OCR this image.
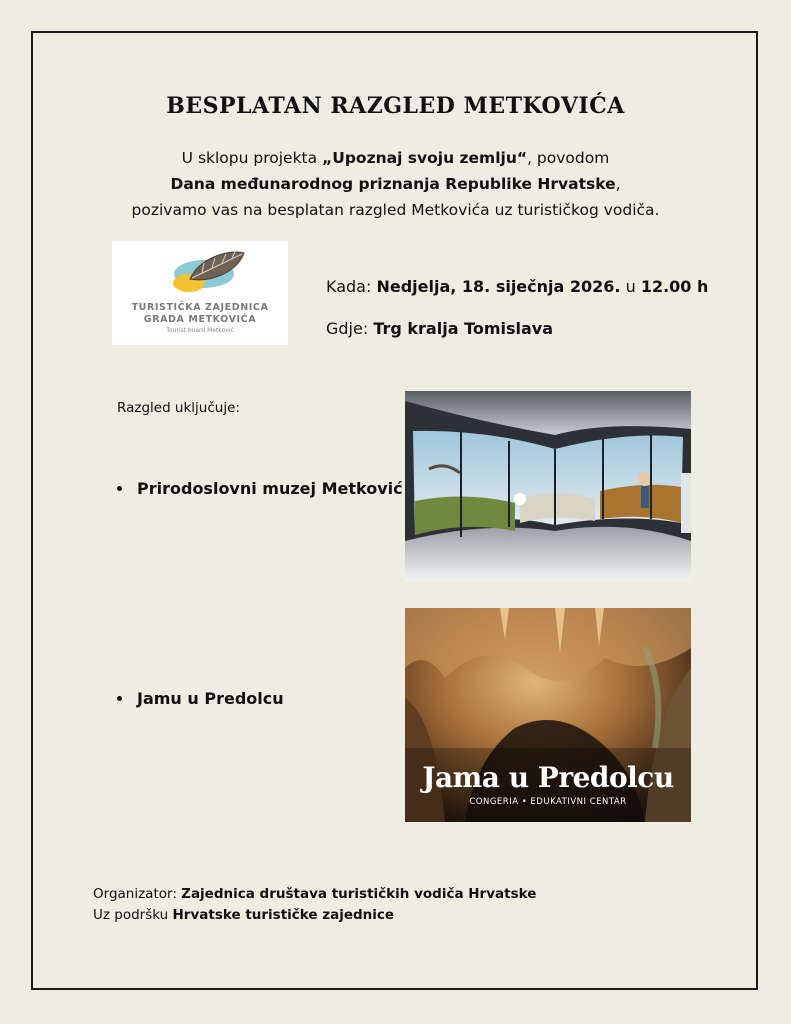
BESPLATAN RAZGLED METKOVIĆA
U sklopu projekta „Upoznaj svoju zemlju“, povodom
Dana međunarodnog priznanja Republike Hrvatske,
pozivamo vas na besplatan razgled Metkovića uz turističkog vodiča.
TURISTIČKA ZAJEDNICA
GRADA METKOVIĆA
Tourist board Metković
Kada: Nedjelja, 18. siječnja 2026. u 12.00 h
Gdje: Trg kralja Tomislava
Razgled uključuje:
Prirodoslovni muzej Metković
Jamu u Predolcu
Jama u Predolcu
CONGERIA • EDUKATIVNI CENTAR
Organizator: Zajednica društava turističkih vodiča Hrvatske
Uz podršku Hrvatske turističke zajednice
